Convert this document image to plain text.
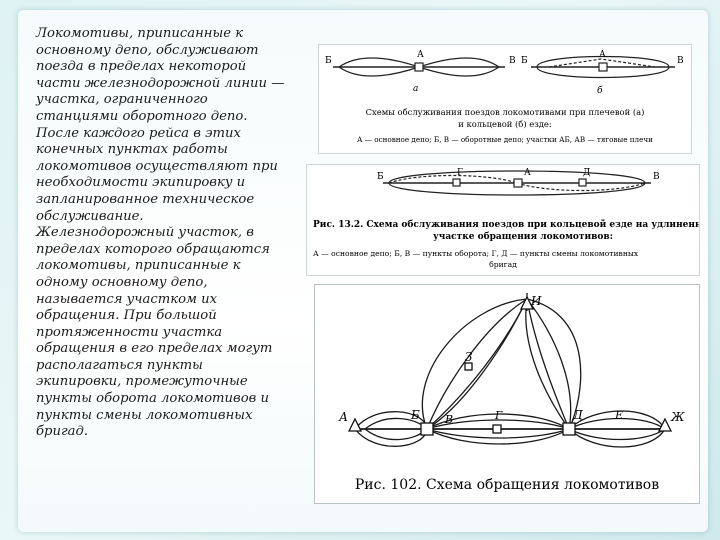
Локомотивы, приписанные к
основному депо, обслуживают
поезда в пределах некоторой
части железнодорожной линии —
участка, ограниченного
станциями оборотного депо.
После каждого рейса в этих
конечных пунктах работы
локомотивов осуществляют при
необходимости экипировку и
запланированное техническое
обслуживание.
Железнодорожный участок, в
пределах которого обращаются
локомотивы, приписанные к
одному основному депо,
называется участком их
обращения. При большой
протяженности участка
обращения в его пределах могут
располагаться пункты
экипировки, промежуточные
пункты оборота локомотивов и
пункты смены локомотивных
бригад.
Б
А
В
а
Б
А
В
б
Схемы обслуживания поездов локомотивами при плечевой (а)
и кольцевой (б) езде:
А — основное депо; Б, В — оборотные депо; участки АБ, АВ — тяговые плечи
Б	Г	А	Д	В
Рис. 13.2. Схема обслуживания поездов при кольцевой езде на удлиненном
участке обращения локомотивов:
А — основное депо; Б, В — пункты оборота; Г, Д — пункты смены локомотивных
бригад
И
З
А	Б В	Г	Д	Е	Ж
Рис. 102. Схема обращения локомотивов
